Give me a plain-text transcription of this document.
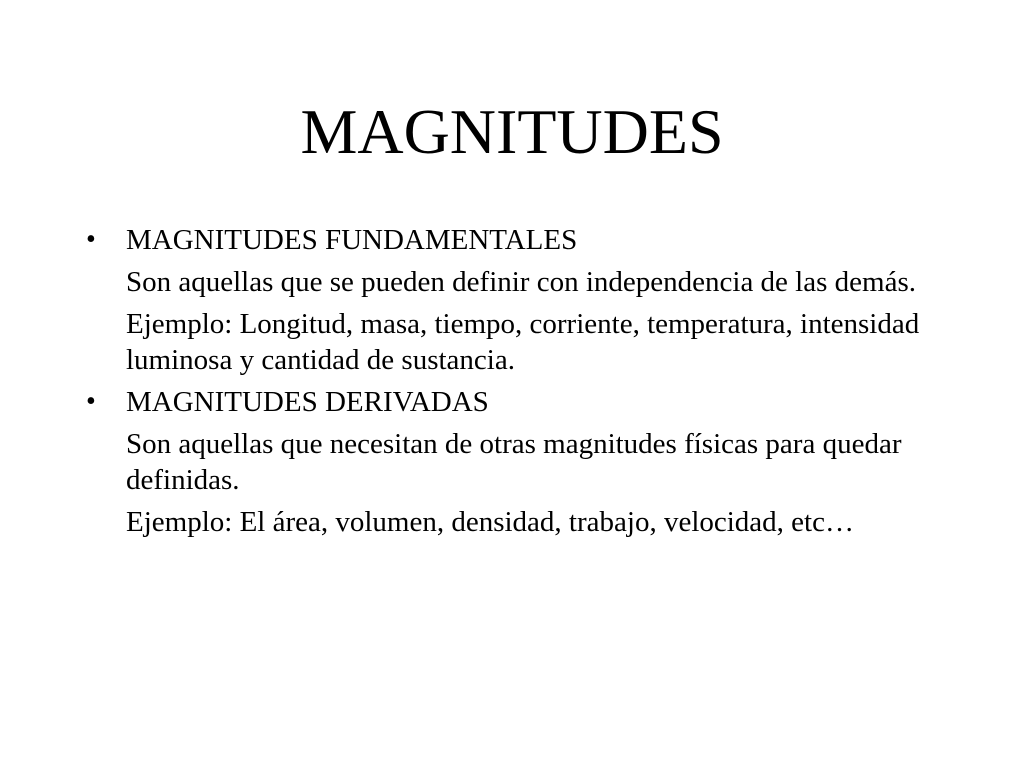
MAGNITUDES
• MAGNITUDES FUNDAMENTALES
Son aquellas que se pueden definir con independencia de las demás.
Ejemplo: Longitud, masa, tiempo, corriente, temperatura, intensidad luminosa y cantidad de sustancia.
• MAGNITUDES DERIVADAS
Son aquellas que necesitan de otras magnitudes físicas para quedar definidas.
Ejemplo: El área, volumen, densidad, trabajo, velocidad, etc…
